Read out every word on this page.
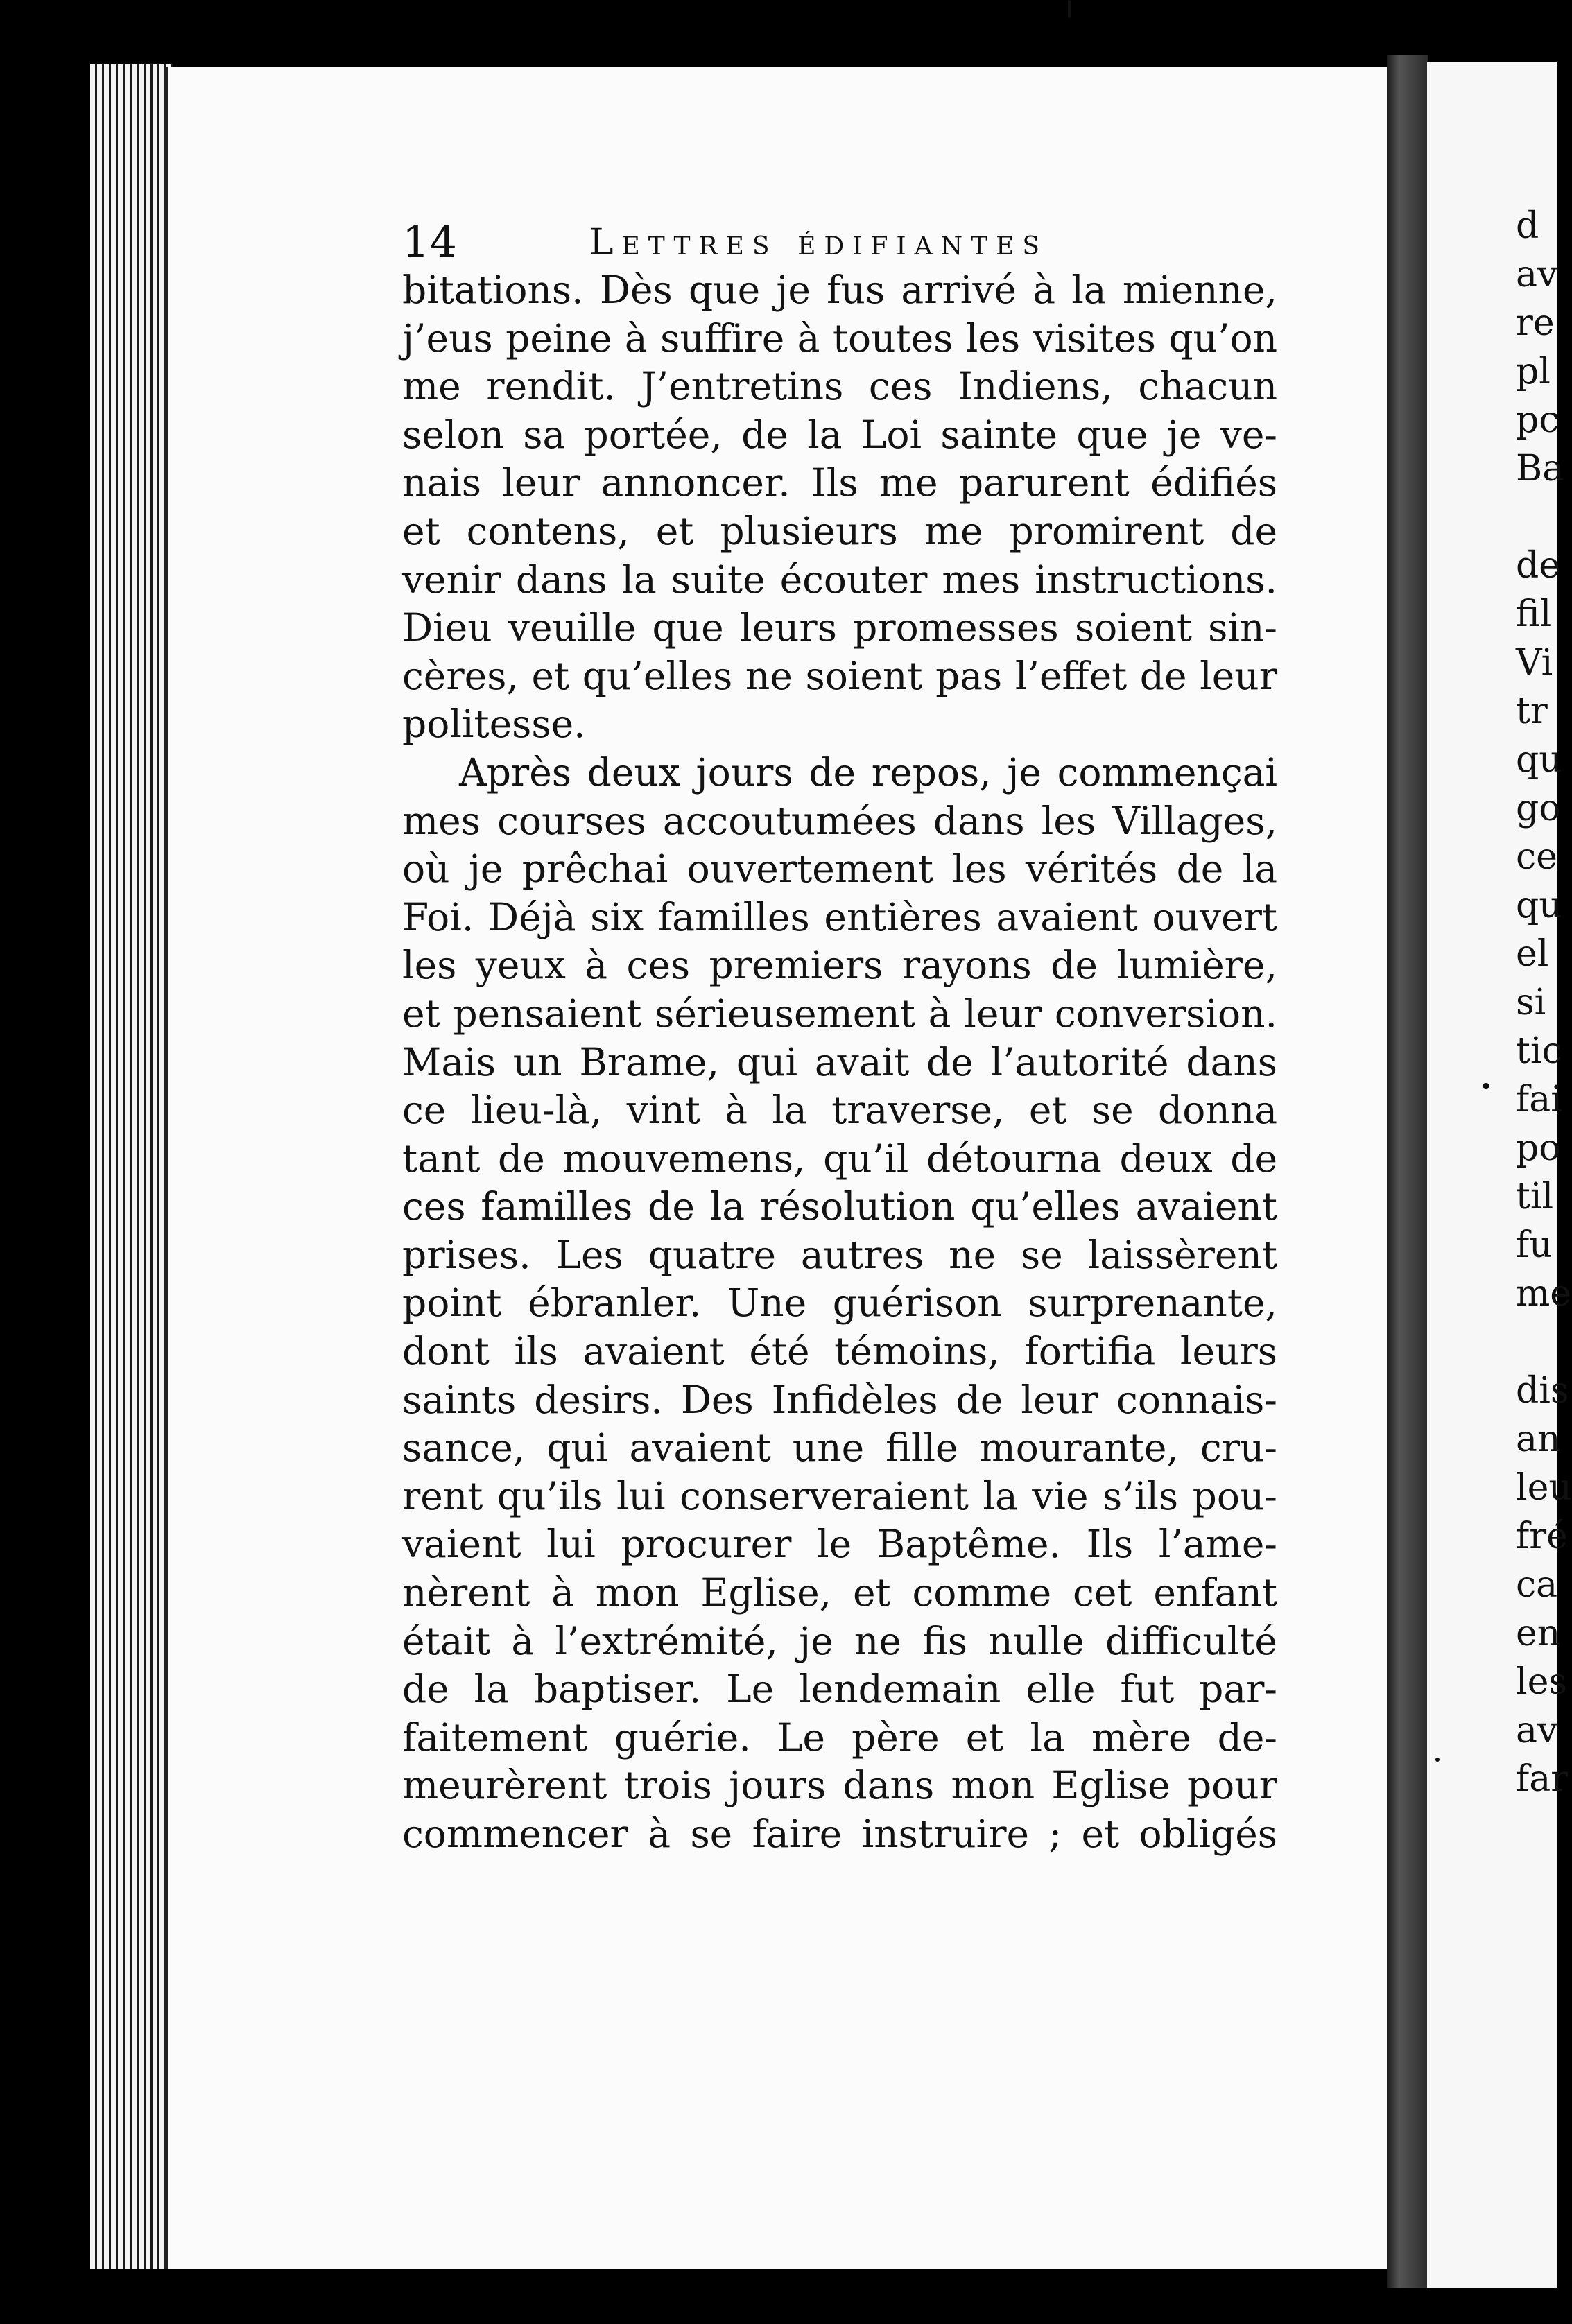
14	Lettres édifiantes
bitations. Dès que je fus arrivé à la mienne,
j’eus peine à suffire à toutes les visites qu’on
me rendit. J’entretins ces Indiens, chacun
selon sa portée, de la Loi sainte que je ve-
nais leur annoncer. Ils me parurent édifiés
et contens, et plusieurs me promirent de
venir dans la suite écouter mes instructions.
Dieu veuille que leurs promesses soient sin-
cères, et qu’elles ne soient pas l’effet de leur
politesse.
Après deux jours de repos, je commençai
mes courses accoutumées dans les Villages,
où je prêchai ouvertement les vérités de la
Foi. Déjà six familles entières avaient ouvert
les yeux à ces premiers rayons de lumière,
et pensaient sérieusement à leur conversion.
Mais un Brame, qui avait de l’autorité dans
ce lieu-là, vint à la traverse, et se donna
tant de mouvemens, qu’il détourna deux de
ces familles de la résolution qu’elles avaient
prises. Les quatre autres ne se laissèrent
point ébranler. Une guérison surprenante,
dont ils avaient été témoins, fortifia leurs
saints desirs. Des Infidèles de leur connais-
sance, qui avaient une fille mourante, cru-
rent qu’ils lui conserveraient la vie s’ils pou-
vaient lui procurer le Baptême. Ils l’ame-
nèrent à mon Eglise, et comme cet enfant
était à l’extrémité, je ne fis nulle difficulté
de la baptiser. Le lendemain elle fut par-
faitement guérie. Le père et la mère de-
meurèrent trois jours dans mon Eglise pour
commencer à se faire instruire ; et obligés
d
av
re
pl
pc
Ba
de
fil
Vi
tr
qu
go
ce
qu
el
si
tic
fai
po
til
fu
me
dis
an
leu
fré
ca
en
les
av
far
